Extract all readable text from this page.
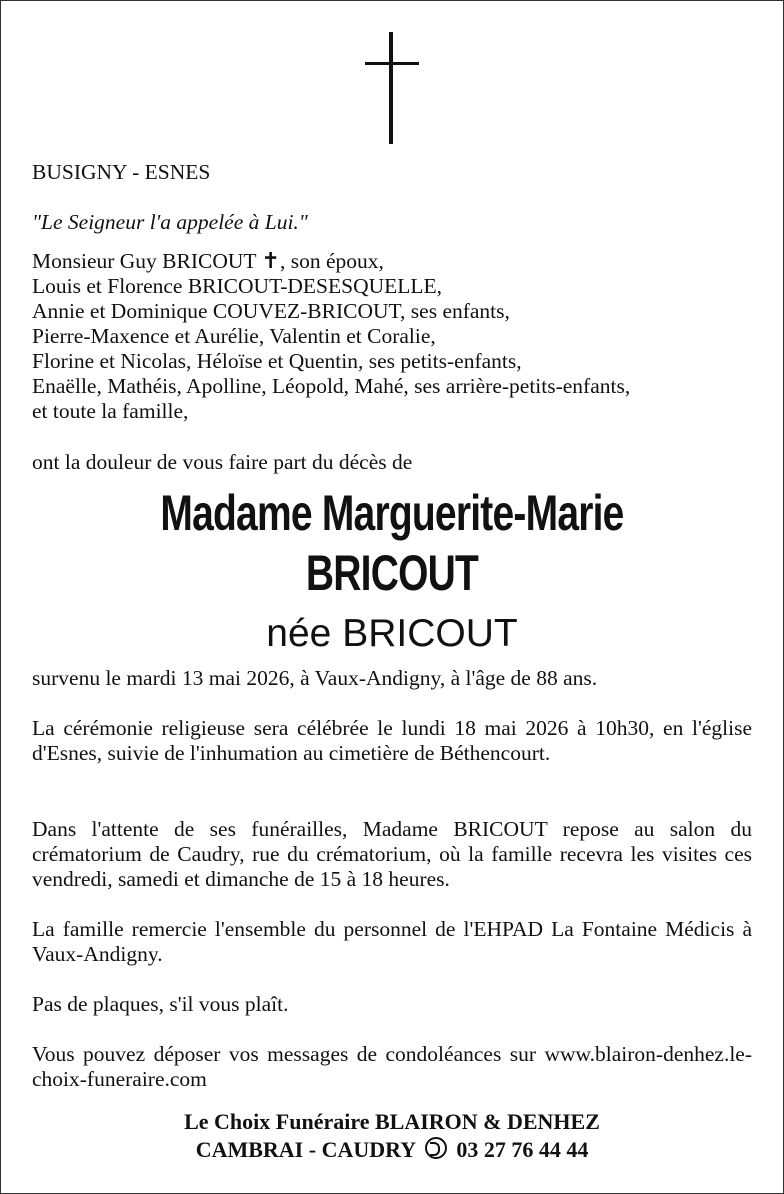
BUSIGNY - ESNES
"Le Seigneur l'a appelée à Lui."
Monsieur Guy BRICOUT ✝, son époux,
Louis et Florence BRICOUT-DESESQUELLE,
Annie et Dominique COUVEZ-BRICOUT, ses enfants,
Pierre-Maxence et Aurélie, Valentin et Coralie,
Florine et Nicolas, Héloïse et Quentin, ses petits-enfants,
Enaëlle, Mathéis, Apolline, Léopold, Mahé, ses arrière-petits-enfants,
et toute la famille,
ont la douleur de vous faire part du décès de
Madame Marguerite-Marie
BRICOUT
née BRICOUT
survenu le mardi 13 mai 2026, à Vaux-Andigny, à l'âge de 88 ans.
La cérémonie religieuse sera célébrée le lundi 18 mai 2026 à 10h30, en l'église d'Esnes, suivie de l'inhumation au cimetière de Béthencourt.
Dans l'attente de ses funérailles, Madame BRICOUT repose au salon du crématorium de Caudry, rue du crématorium, où la famille recevra les visites ces vendredi, samedi et dimanche de 15 à 18 heures.
La famille remercie l'ensemble du personnel de l'EHPAD La Fontaine Médicis à Vaux-Andigny.
Pas de plaques, s'il vous plaît.
Vous pouvez déposer vos messages de condoléances sur www.blairon-denhez.le-choix-funeraire.com
Le Choix Funéraire BLAIRON & DENHEZ
CAMBRAI - CAUDRY 03 27 76 44 44
